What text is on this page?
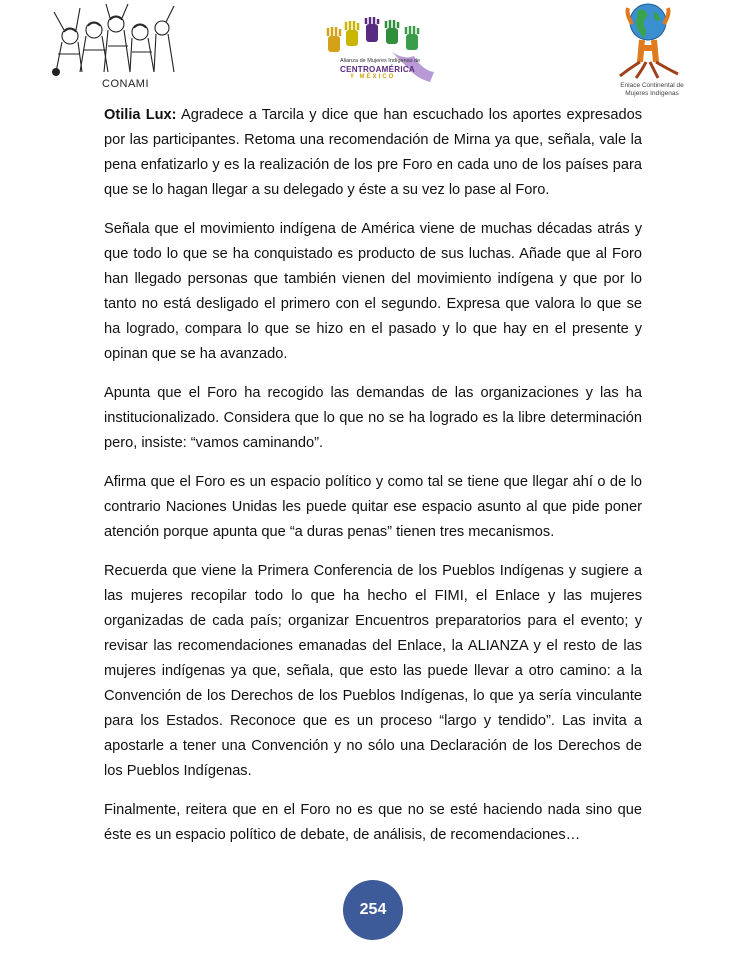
CONAMI
Alianza de Mujeres Indígenas de
CENTROAMÉRICA
Y MÉXICO
Enlace Continental de Mujeres Indígenas

Otilia Lux: Agradece a Tarcila y dice que han escuchado los aportes expresados por las participantes. Retoma una recomendación de Mirna ya que, señala, vale la pena enfatizarlo y es la realización de los pre Foro en cada uno de los países para que se lo hagan llegar a su delegado y éste a su vez lo pase al Foro.

Señala que el movimiento indígena de América viene de muchas décadas atrás y que todo lo que se ha conquistado es producto de sus luchas. Añade que al Foro han llegado personas que también vienen del movimiento indígena y que por lo tanto no está desligado el primero con el segundo. Expresa que valora lo que se ha logrado, compara lo que se hizo en el pasado y lo que hay en el presente y opinan que se ha avanzado.

Apunta que el Foro ha recogido las demandas de las organizaciones y las ha institucionalizado. Considera que lo que no se ha logrado es la libre determinación pero, insiste: “vamos caminando”.

Afirma que el Foro es un espacio político y como tal se tiene que llegar ahí o de lo contrario Naciones Unidas les puede quitar ese espacio asunto al que pide poner atención porque apunta que “a duras penas” tienen tres mecanismos.

Recuerda que viene la Primera Conferencia de los Pueblos Indígenas y sugiere a las mujeres recopilar todo lo que ha hecho el FIMI, el Enlace y las mujeres organizadas de cada país; organizar Encuentros preparatorios para el evento; y revisar las recomendaciones emanadas del Enlace, la ALIANZA y el resto de las mujeres indígenas ya que, señala, que esto las puede llevar a otro camino: a la Convención de los Derechos de los Pueblos Indígenas, lo que ya sería vinculante para los Estados. Reconoce que es un proceso “largo y tendido”. Las invita a apostarle a tener una Convención y no sólo una Declaración de los Derechos de los Pueblos Indígenas.

Finalmente, reitera que en el Foro no es que no se esté haciendo nada sino que éste es un espacio político de debate, de análisis, de recomendaciones…

254
